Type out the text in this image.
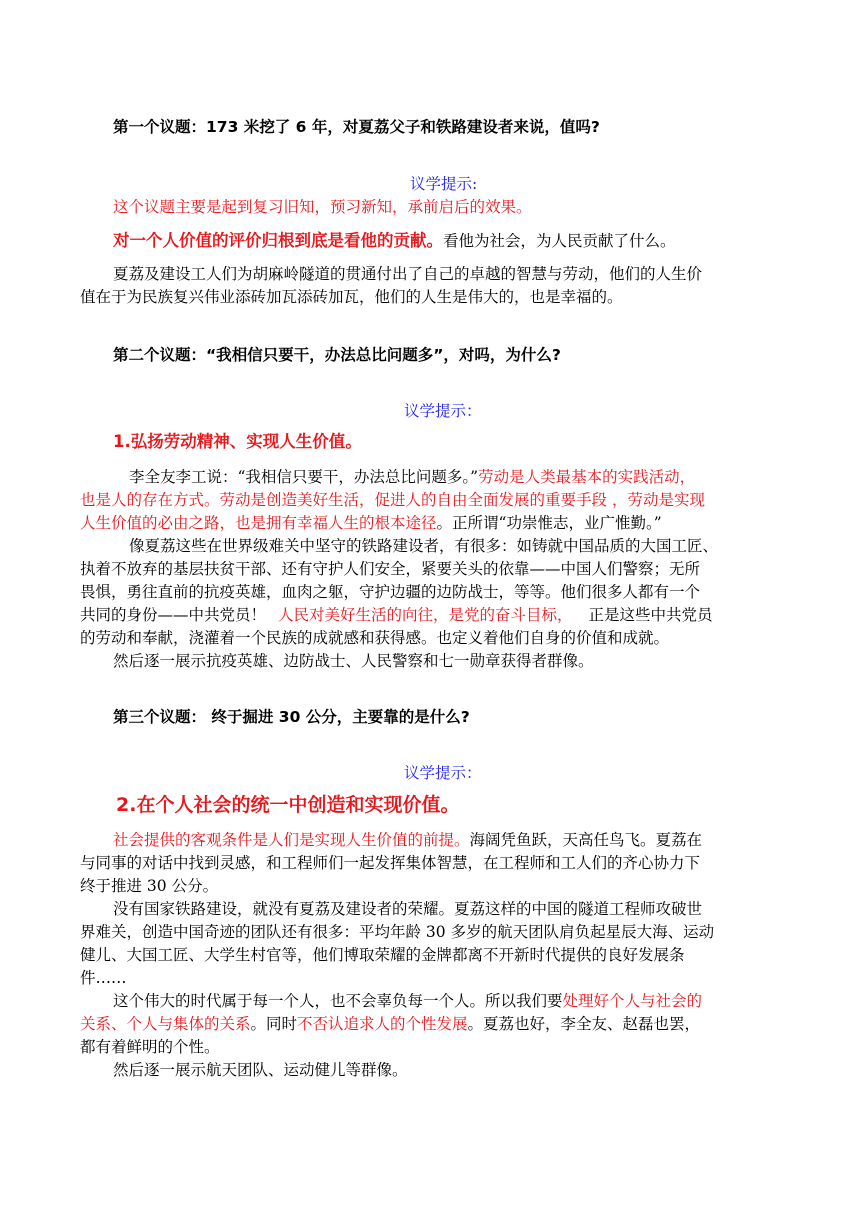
第一个议题：173 米挖了 6 年，对夏荔父子和铁路建设者来说，值吗?
议学提示:
这个议题主要是起到复习旧知，预习新知，承前启后的效果。
对一个人价值的评价归根到底是看他的贡献。看他为社会，为人民贡献了什么。
夏荔及建设工人们为胡麻岭隧道的贯通付出了自己的卓越的智慧与劳动，他们的人生价
值在于为民族复兴伟业添砖加瓦添砖加瓦，他们的人生是伟大的，也是幸福的。
第二个议题：“我相信只要干，办法总比问题多”，对吗，为什么?
议学提示：
1.弘扬劳动精神、实现人生价值。
李全友李工说：“我相信只要干，办法总比问题多。”劳动是人类最基本的实践活动，
也是人的存在方式。劳动是创造美好生活，促进人的自由全面发展的重要手段 ，劳动是实现
人生价值的必由之路，也是拥有幸福人生的根本途径。正所谓“功崇惟志，业广惟勤。”
像夏荔这些在世界级难关中坚守的铁路建设者，有很多：如铸就中国品质的大国工匠、
执着不放弃的基层扶贫干部、还有守护人们安全，紧要关头的依靠——中国人们警察；无所
畏惧，勇往直前的抗疫英雄，血肉之躯，守护边疆的边防战士，等等。他们很多人都有一个
共同的身份——中共党员！ 人民对美好生活的向往，是党的奋斗目标， 正是这些中共党员
的劳动和奉献，浇灌着一个民族的成就感和获得感。也定义着他们自身的价值和成就。
然后逐一展示抗疫英雄、边防战士、人民警察和七一勋章获得者群像。
第三个议题： 终于掘进 30 公分，主要靠的是什么?
议学提示：
2.在个人社会的统一中创造和实现价值。
社会提供的客观条件是人们是实现人生价值的前提。海阔凭鱼跃，天高任鸟飞。夏荔在
与同事的对话中找到灵感，和工程师们一起发挥集体智慧，在工程师和工人们的齐心协力下
终于推进 30 公分。
没有国家铁路建设，就没有夏荔及建设者的荣耀。夏荔这样的中国的隧道工程师攻破世
界难关，创造中国奇迹的团队还有很多：平均年龄 30 多岁的航天团队肩负起星辰大海、运动
健儿、大国工匠、大学生村官等，他们博取荣耀的金牌都离不开新时代提供的良好发展条
件……
这个伟大的时代属于每一个人，也不会辜负每一个人。所以我们要处理好个人与社会的
关系、个人与集体的关系。同时不否认追求人的个性发展。夏荔也好，李全友、赵磊也罢，
都有着鲜明的个性。
然后逐一展示航天团队、运动健儿等群像。
